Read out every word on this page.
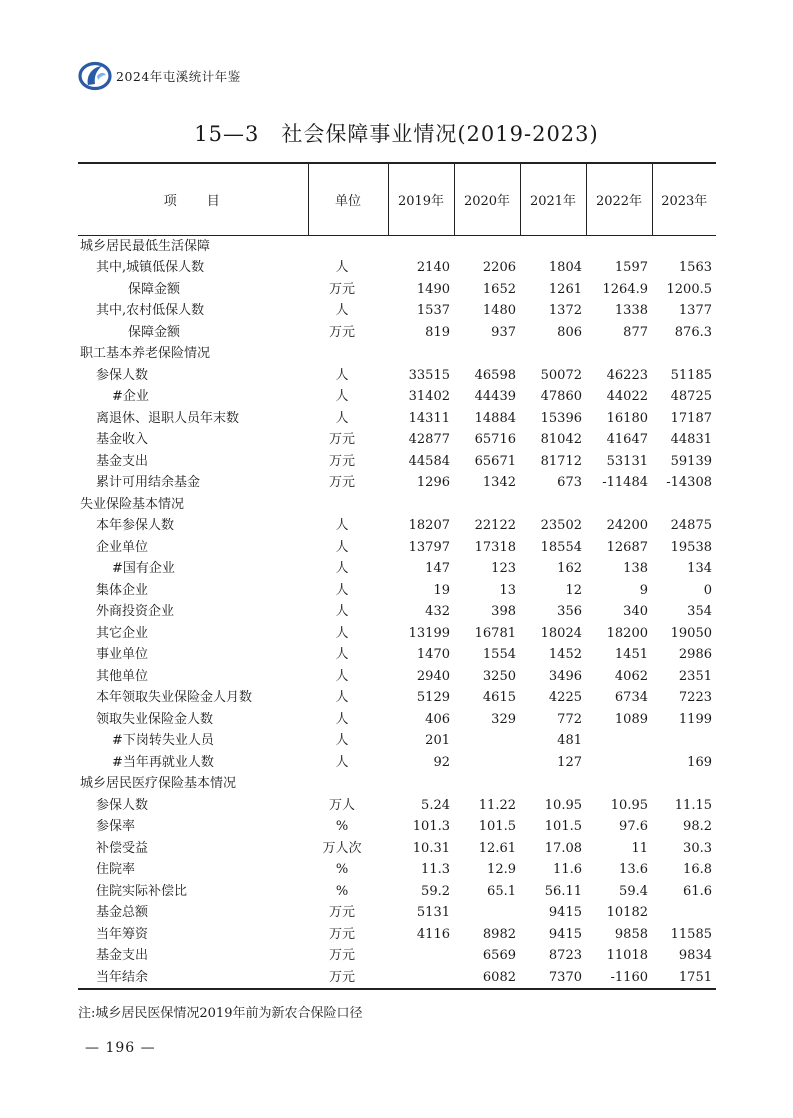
2024年屯溪统计年鉴
15—3 社会保障事业情况(2019-2023)
项目	单位	2019年	2020年	2021年	2022年	2023年
城乡居民最低生活保障						
其中,城镇低保人数	人	2140	2206	1804	1597	1563
保障金额	万元	1490	1652	1261	1264.9	1200.5
其中,农村低保人数	人	1537	1480	1372	1338	1377
保障金额	万元	819	937	806	877	876.3
职工基本养老保险情况						
参保人数	人	33515	46598	50072	46223	51185
#企业	人	31402	44439	47860	44022	48725
离退休、退职人员年末数	人	14311	14884	15396	16180	17187
基金收入	万元	42877	65716	81042	41647	44831
基金支出	万元	44584	65671	81712	53131	59139
累计可用结余基金	万元	1296	1342	673	-11484	-14308
失业保险基本情况						
本年参保人数	人	18207	22122	23502	24200	24875
企业单位	人	13797	17318	18554	12687	19538
#国有企业	人	147	123	162	138	134
集体企业	人	19	13	12	9	0
外商投资企业	人	432	398	356	340	354
其它企业	人	13199	16781	18024	18200	19050
事业单位	人	1470	1554	1452	1451	2986
其他单位	人	2940	3250	3496	4062	2351
本年领取失业保险金人月数	人	5129	4615	4225	6734	7223
领取失业保险金人数	人	406	329	772	1089	1199
#下岗转失业人员	人	201		481		
#当年再就业人数	人	92		127		169
城乡居民医疗保险基本情况						
参保人数	万人	5.24	11.22	10.95	10.95	11.15
参保率	%	101.3	101.5	101.5	97.6	98.2
补偿受益	万人次	10.31	12.61	17.08	11	30.3
住院率	%	11.3	12.9	11.6	13.6	16.8
住院实际补偿比	%	59.2	65.1	56.11	59.4	61.6
基金总额	万元	5131		9415	10182	
当年筹资	万元	4116	8982	9415	9858	11585
基金支出	万元		6569	8723	11018	9834
当年结余	万元		6082	7370	-1160	1751
注:城乡居民医保情况2019年前为新农合保险口径
— 196 —
